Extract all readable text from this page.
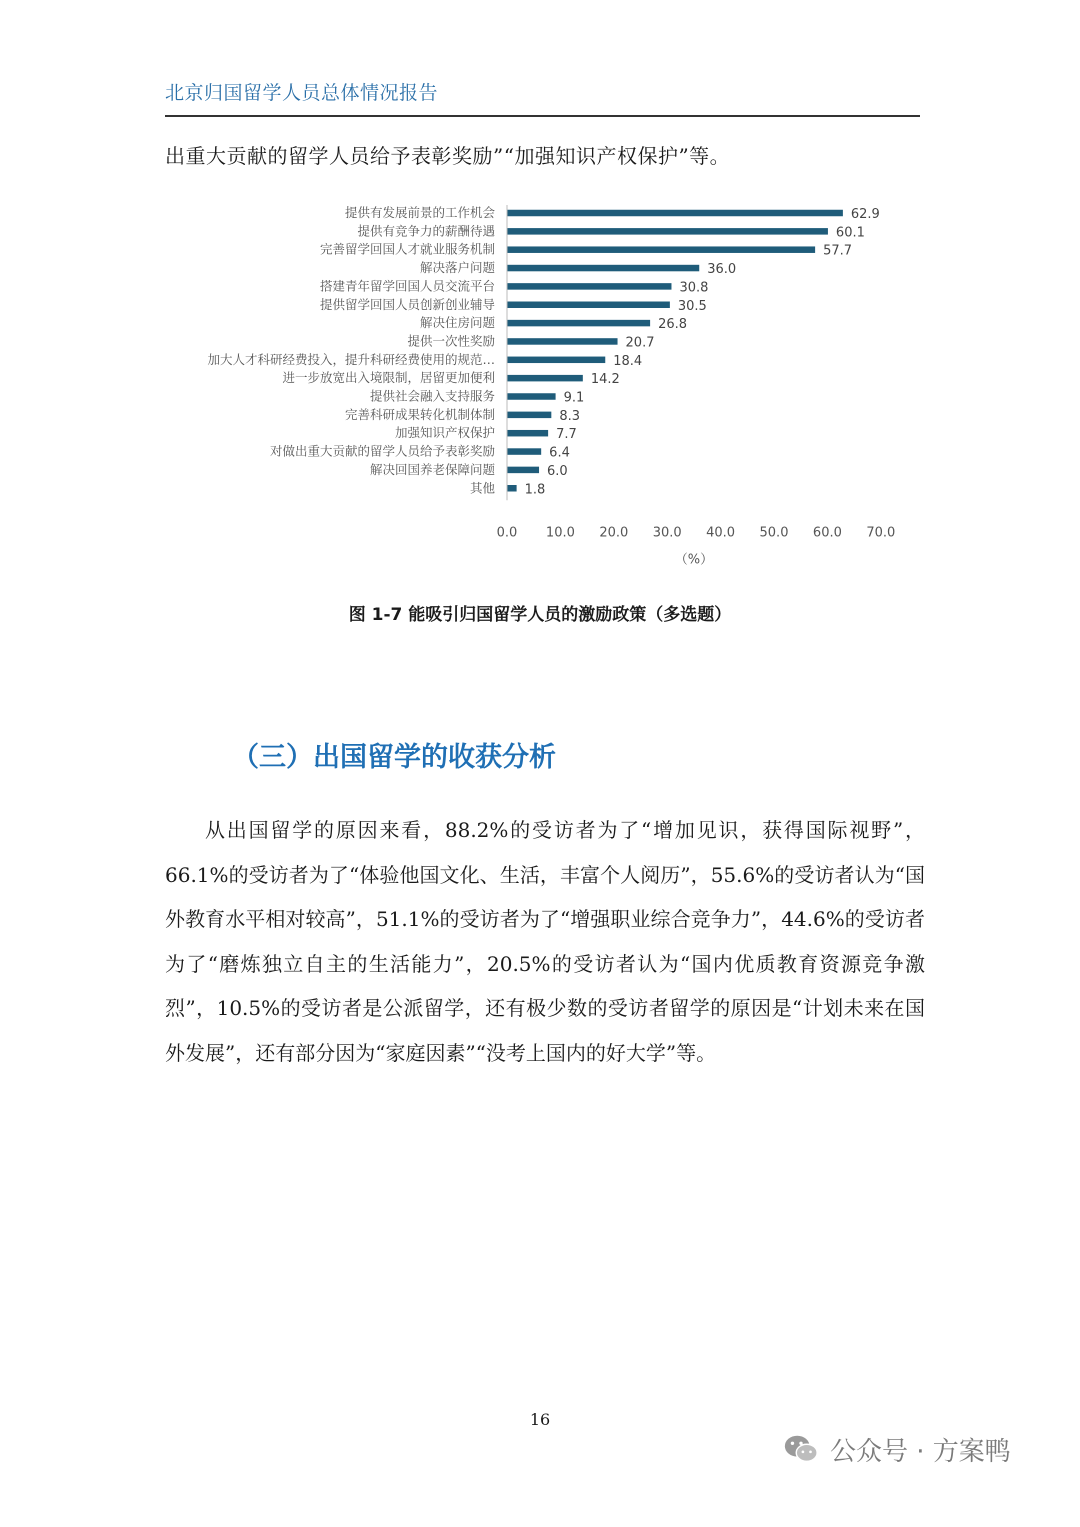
北京归国留学人员总体情况报告
出重大贡献的留学人员给予表彰奖励”“加强知识产权保护”等。
提供有发展前景的工作机会	62.9
提供有竞争力的薪酬待遇	60.1
完善留学回国人才就业服务机制	57.7
解决落户问题	36.0
搭建青年留学回国人员交流平台	30.8
提供留学回国人员创新创业辅导	30.5
解决住房问题	26.8
提供一次性奖励	20.7
加大人才科研经费投入，提升科研经费使用的规范…	18.4
进一步放宽出入境限制，居留更加便利	14.2
提供社会融入支持服务	9.1
完善科研成果转化机制体制	8.3
加强知识产权保护	7.7
对做出重大贡献的留学人员给予表彰奖励	6.4
解决回国养老保障问题	6.0
其他 1.8
0.0 10.0 20.0 30.0 40.0 50.0 60.0 70.0
（%）
图 1-7 能吸引归国留学人员的激励政策（多选题）
（三）出国留学的收获分析

从出国留学的原因来看，88.2%的受访者为了“增加见识，获得国际视野”，66.1%的受访者为了“体验他国文化、生活，丰富个人阅历”，55.6%的受访者认为“国外教育水平相对较高”，51.1%的受访者为了“增强职业综合竞争力”，44.6%的受访者为了“磨炼独立自主的生活能力”，20.5%的受访者认为“国内优质教育资源竞争激烈”，10.5%的受访者是公派留学，还有极少数的受访者留学的原因是“计划未来在国外发展”，还有部分因为“家庭因素”“没考上国内的好大学”等。

16
公众号 · 方案鸭
